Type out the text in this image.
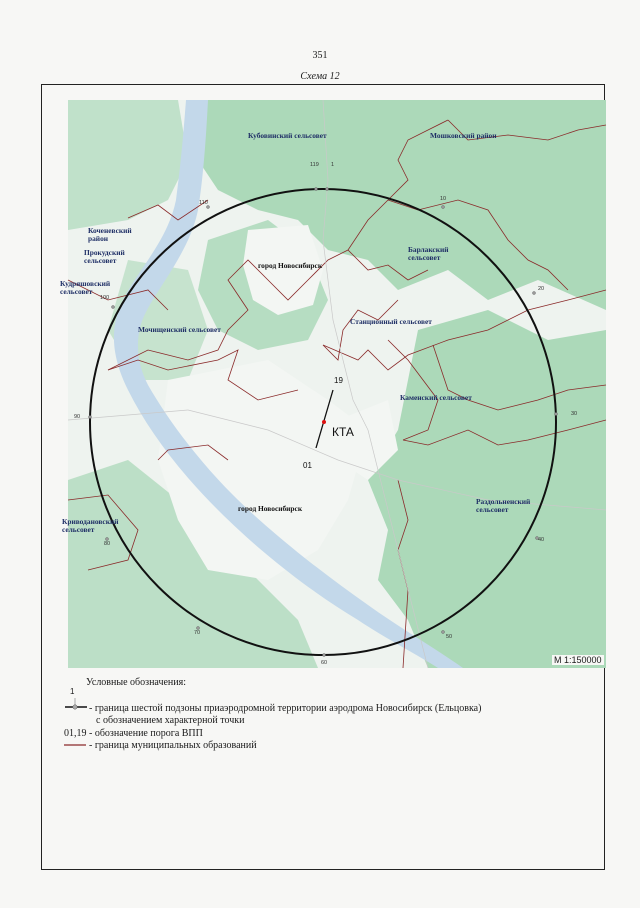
351
Схема 12
Кубовинский сельсовет	Мошковский район
Коченевский район
Прокудский сельсовет
Кудряшовский сельсовет
Барлакский сельсовет
город Новосибирск
Мочищенский сельсовет
Станционный сельсовет
Каменский сельсовет
город Новосибирск
Раздольненский сельсовет
Криводановский сельсовет
1
119
10
20
30
40
50
60
70
80
90
100
110
М 1:150000
КТА
19
01
Условные обозначения:
1
- граница шестой подзоны приаэродромной территории аэродрома Новосибирск (Ельцовка)
с обозначением характерной точки
01,19 - обозначение порога ВПП
- граница муниципальных образований
